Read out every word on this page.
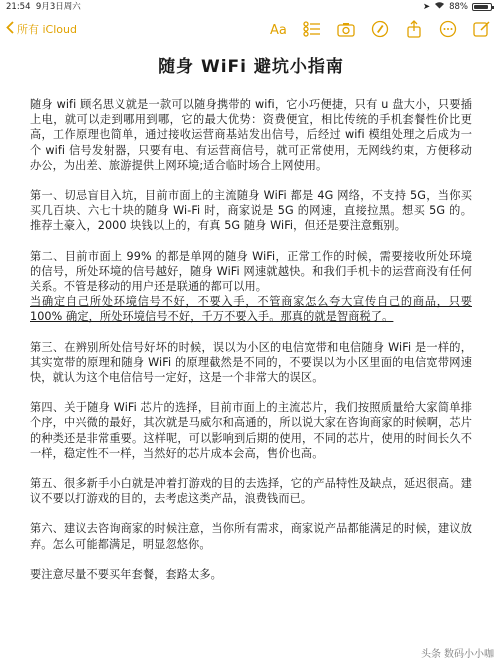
21:54 9月3日周六	➤ 88%
所有 iCloud	Aa
随身 WiFi 避坑小指南

随身 wifi 顾名思义就是一款可以随身携带的 wifi，它小巧便捷，只有 u 盘大小，只要插上电，就可以走到哪用到哪，它的最大优势：资费便宜，相比传统的手机套餐性价比更高，工作原理也简单，通过接收运营商基站发出信号，后经过 wifi 模组处理之后成为一个 wifi 信号发射器，只要有电、有运营商信号，就可正常使用，无网线约束，方便移动办公，为出差、旅游提供上网环境;适合临时场合上网使用。

第一、切忌盲目入坑，目前市面上的主流随身 WiFi 都是 4G 网络，不支持 5G，当你买买几百块、六七十块的随身 Wi-Fi 时，商家说是 5G 的网速，直接拉黑。想买 5G 的。推荐土豪入，2000 块钱以上的，有真 5G 随身 WiFi，但还是要注意甄别。

第二、目前市面上 99% 的都是单网的随身 WiFi，正常工作的时候，需要接收所处环境的信号，所处环境的信号越好，随身 WiFi 网速就越快。和我们手机卡的运营商没有任何关系。不管是移动的用户还是联通的都可以用。
当确定自己所处环境信号不好，不要入手，不管商家怎么夸大宣传自己的商品，只要 100% 确定，所处环境信号不好，千万不要入手。那真的就是智商税了。

第三、在辨别所处信号好坏的时候，误以为小区的电信宽带和电信随身 WiFi 是一样的，其实宽带的原理和随身 WiFi 的原理截然是不同的，不要误以为小区里面的电信宽带网速快，就认为这个电信信号一定好，这是一个非常大的误区。

第四、关于随身 WiFi 芯片的选择，目前市面上的主流芯片，我们按照质量给大家简单排个序，中兴微的最好，其次就是马威尔和高通的，所以说大家在咨询商家的时候啊，芯片的种类还是非常重要。这样呢，可以影响到后期的使用，不同的芯片，使用的时间长久不一样，稳定性不一样，当然好的芯片成本会高，售价也高。

第五、很多新手小白就是冲着打游戏的目的去选择，它的产品特性及缺点，延迟很高。建议不要以打游戏的目的，去考虑这类产品，浪费钱而已。

第六、建议去咨询商家的时候注意，当你所有需求，商家说产品都能满足的时候，建议放弃。怎么可能都满足，明显忽悠你。

要注意尽量不要买年套餐，套路太多。

头条 数码小小咖
